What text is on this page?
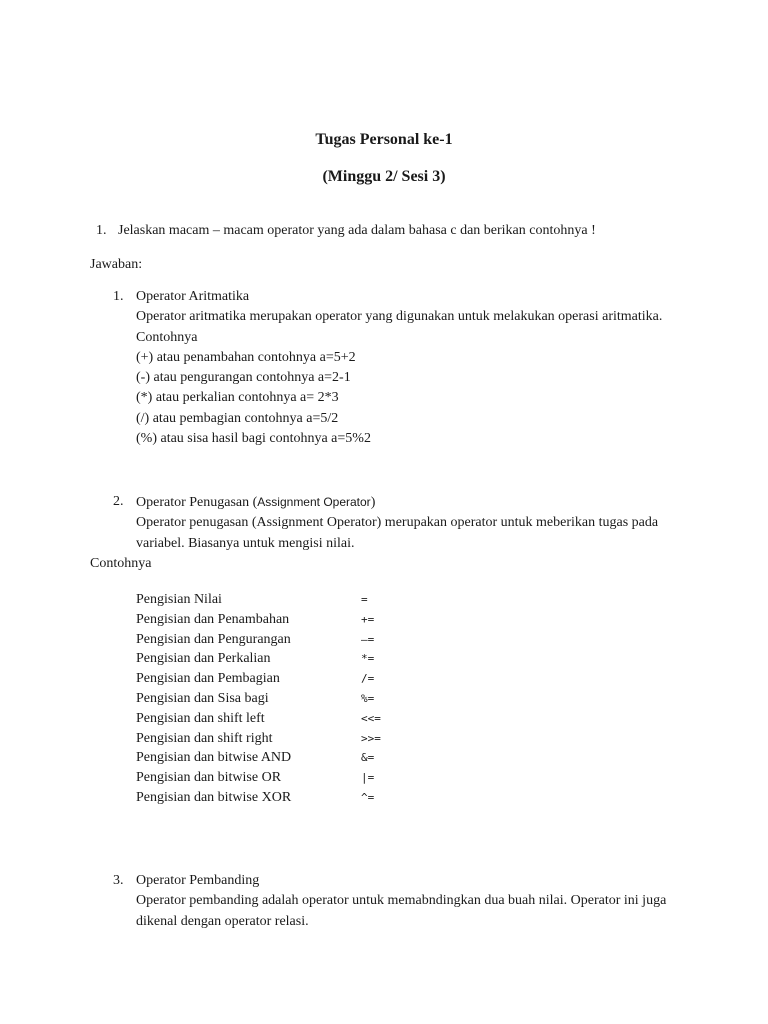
Tugas Personal ke-1
(Minggu 2/ Sesi 3)
1. Jelaskan macam – macam operator yang ada dalam bahasa c dan berikan contohnya !
Jawaban:
1. Operator Aritmatika

Operator aritmatika merupakan operator yang digunakan untuk melakukan operasi aritmatika.

Contohnya

(+) atau penambahan contohnya a=5+2

(-) atau pengurangan contohnya a=2-1

(*) atau perkalian contohnya a= 2*3

(/) atau pembagian contohnya a=5/2

(%) atau sisa hasil bagi contohnya a=5%2

2. Operator Penugasan (Assignment Operator)

Operator penugasan (Assignment Operator) merupakan operator untuk meberikan tugas pada variabel. Biasanya untuk mengisi nilai.

Contohnya
Pengisian Nilai	=
Pengisian dan Penambahan	+=
Pengisian dan Pengurangan	–=
Pengisian dan Perkalian	*=
Pengisian dan Pembagian	/=
Pengisian dan Sisa bagi	%=
Pengisian dan shift left	<<=
Pengisian dan shift right	>>=
Pengisian dan bitwise AND	&=
Pengisian dan bitwise OR	|=
Pengisian dan bitwise XOR	^=
3. Operator Pembanding

Operator pembanding adalah operator untuk memabndingkan dua buah nilai. Operator ini juga dikenal dengan operator relasi.
